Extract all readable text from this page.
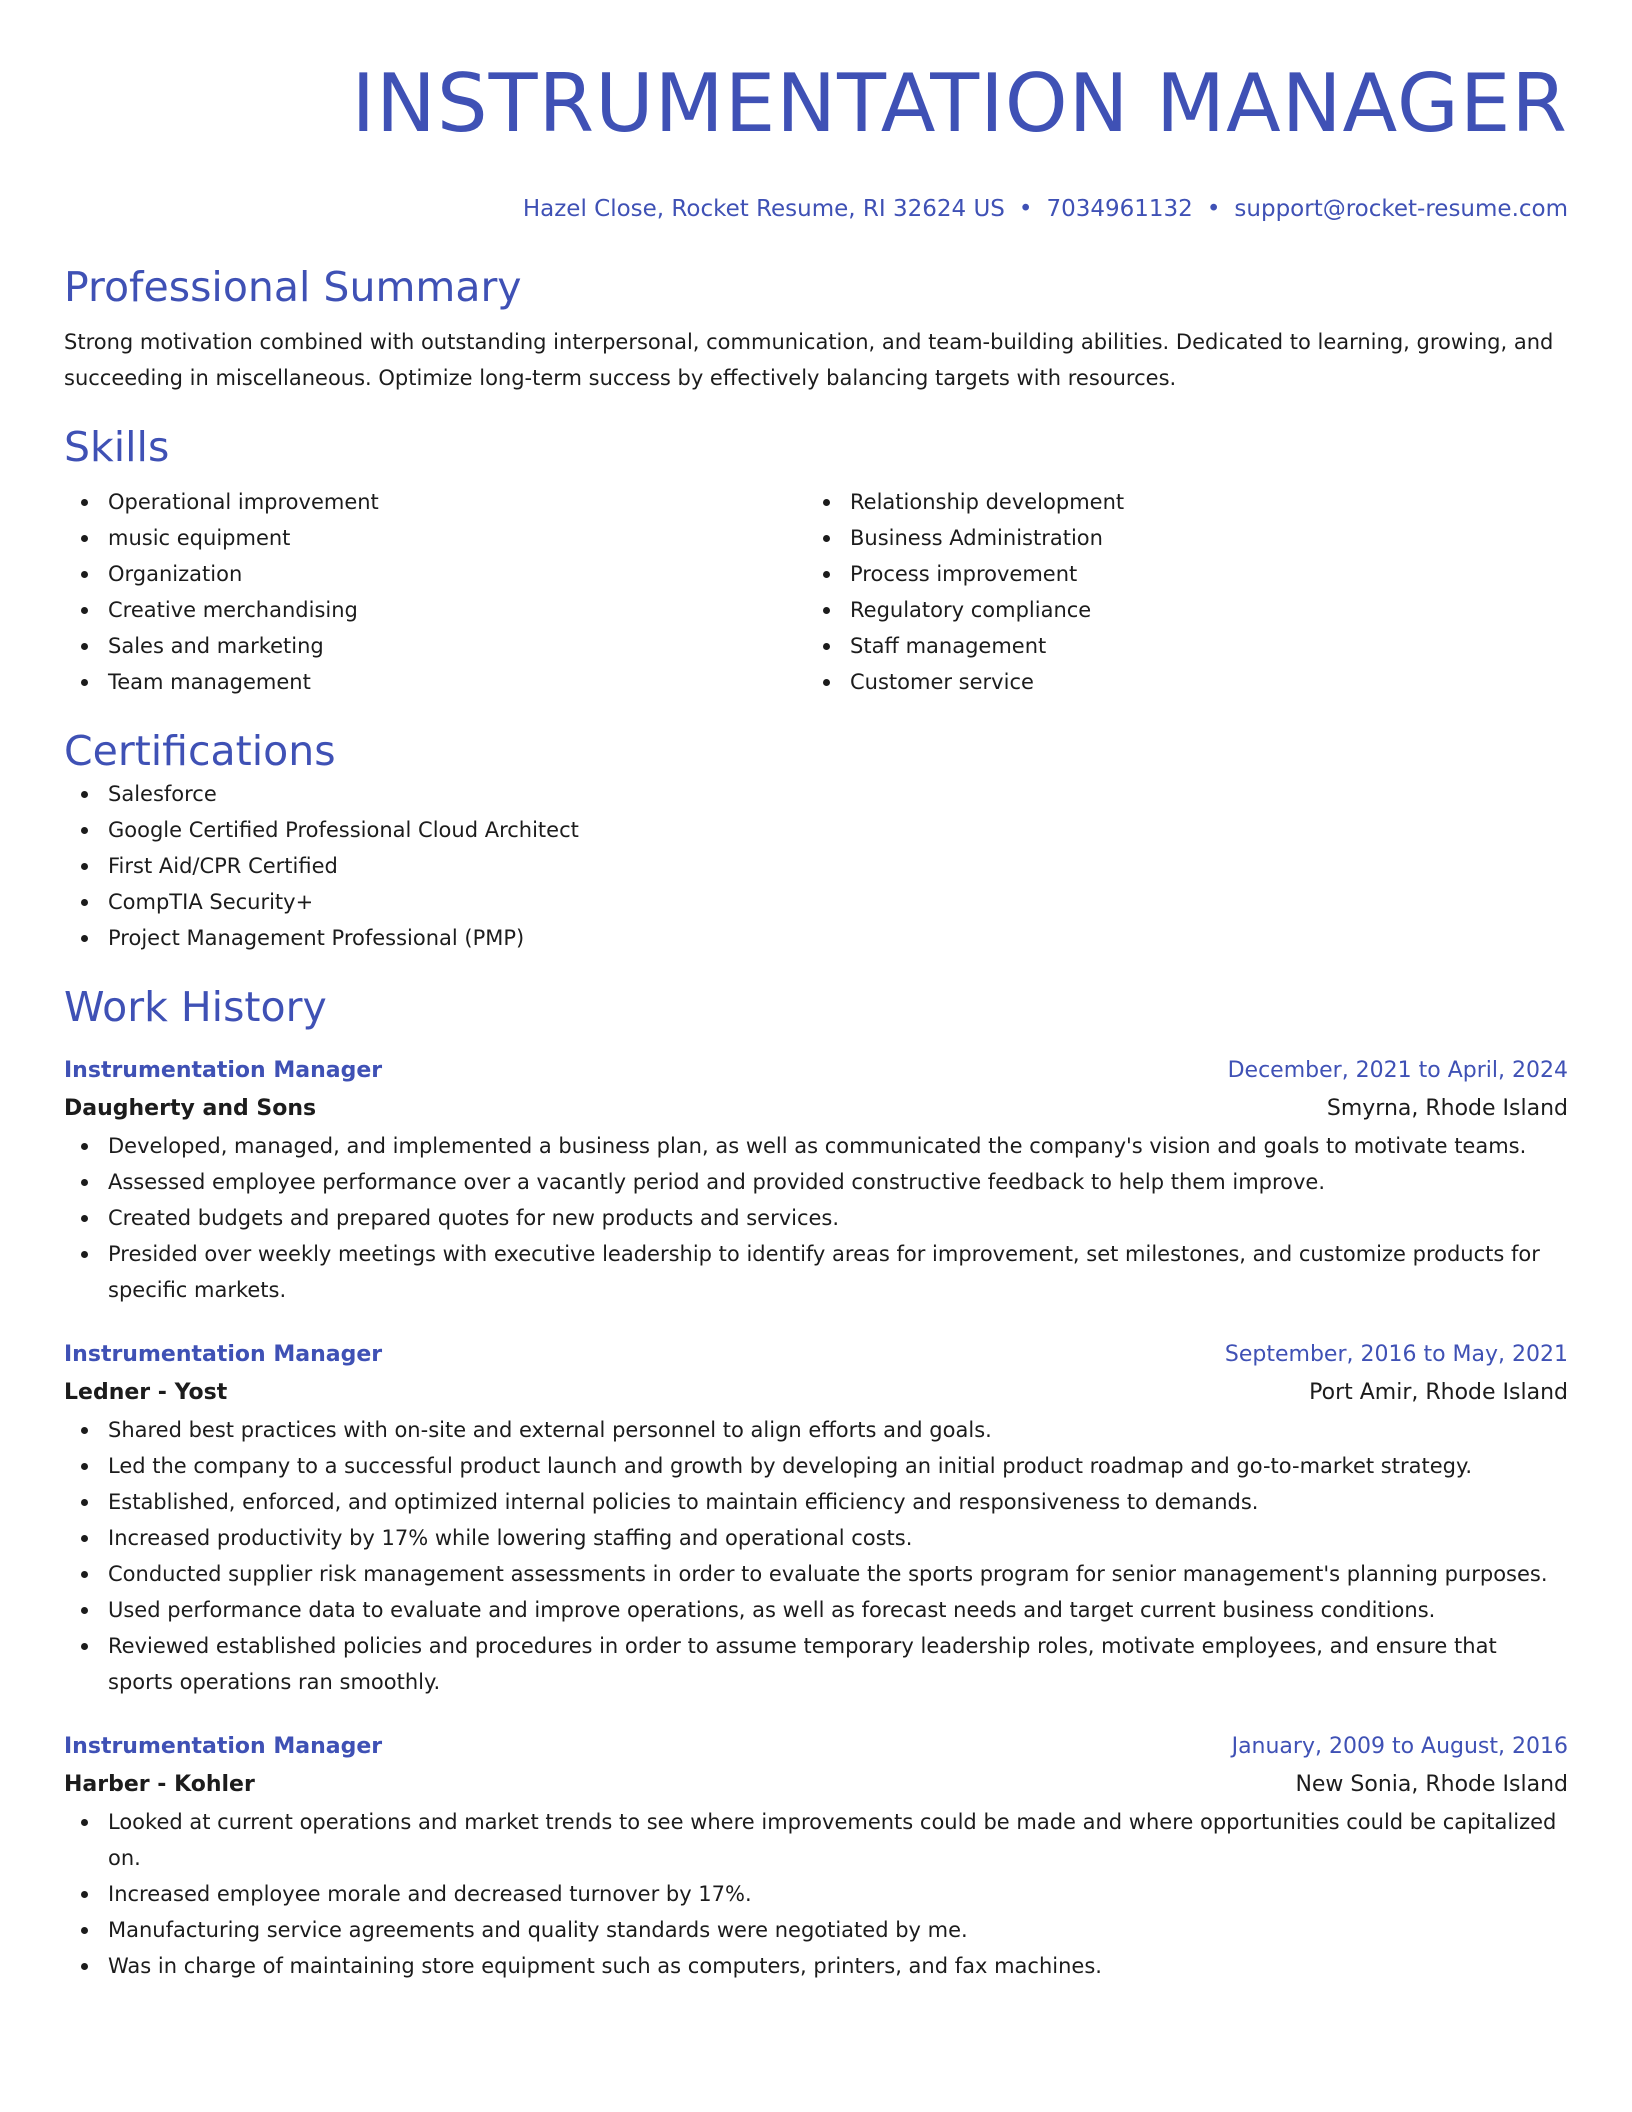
INSTRUMENTATION MANAGER
Hazel Close, Rocket Resume, RI 32624 US • 7034961132 • support@rocket-resume.com
Professional Summary

Strong motivation combined with outstanding interpersonal, communication, and team-building abilities. Dedicated to learning, growing, and succeeding in miscellaneous. Optimize long-term success by effectively balancing targets with resources.

Skills
Operational improvement
music equipment
Organization
Creative merchandising
Sales and marketing
Team management
Relationship development
Business Administration
Process improvement
Regulatory compliance
Staff management
Customer service
Certifications
Salesforce
Google Certified Professional Cloud Architect
First Aid/CPR Certified
CompTIA Security+
Project Management Professional (PMP)
Work History
Instrumentation Manager	December, 2021 to April, 2024
Daugherty and Sons	Smyrna, Rhode Island
Developed, managed, and implemented a business plan, as well as communicated the company's vision and goals to motivate teams.
Assessed employee performance over a vacantly period and provided constructive feedback to help them improve.
Created budgets and prepared quotes for new products and services.
Presided over weekly meetings with executive leadership to identify areas for improvement, set milestones, and customize products for specific markets.
Instrumentation Manager	September, 2016 to May, 2021
Ledner - Yost	Port Amir, Rhode Island
Shared best practices with on-site and external personnel to align efforts and goals.
Led the company to a successful product launch and growth by developing an initial product roadmap and go-to-market strategy.
Established, enforced, and optimized internal policies to maintain efficiency and responsiveness to demands.
Increased productivity by 17% while lowering staffing and operational costs.
Conducted supplier risk management assessments in order to evaluate the sports program for senior management's planning purposes.
Used performance data to evaluate and improve operations, as well as forecast needs and target current business conditions.
Reviewed established policies and procedures in order to assume temporary leadership roles, motivate employees, and ensure that sports operations ran smoothly.
Instrumentation Manager	January, 2009 to August, 2016
Harber - Kohler	New Sonia, Rhode Island
Looked at current operations and market trends to see where improvements could be made and where opportunities could be capitalized on.
Increased employee morale and decreased turnover by 17%.
Manufacturing service agreements and quality standards were negotiated by me.
Was in charge of maintaining store equipment such as computers, printers, and fax machines.
